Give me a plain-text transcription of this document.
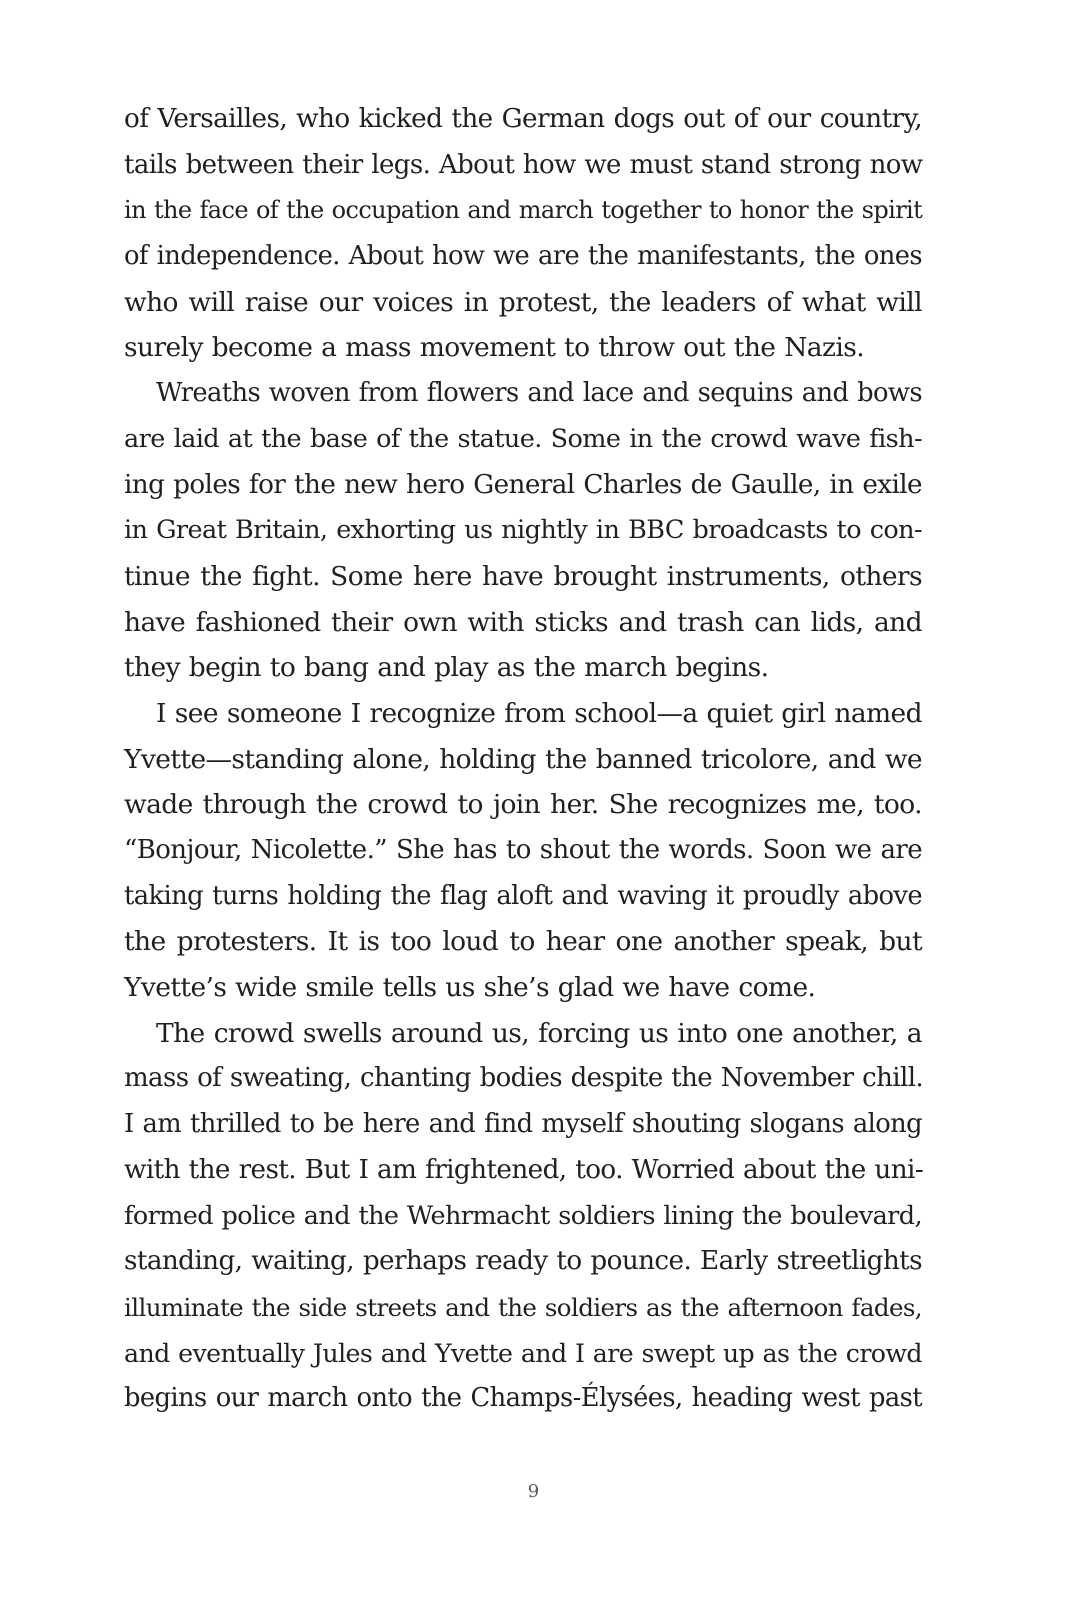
of Versailles, who kicked the German dogs out of our country,
tails between their legs. About how we must stand strong now
in the face of the occupation and march together to honor the spirit
of independence. About how we are the manifestants, the ones
who will raise our voices in protest, the leaders of what will
surely become a mass movement to throw out the Nazis.
Wreaths woven from flowers and lace and sequins and bows
are laid at the base of the statue. Some in the crowd wave fish-
ing poles for the new hero General Charles de Gaulle, in exile
in Great Britain, exhorting us nightly in BBC broadcasts to con-
tinue the fight. Some here have brought instruments, others
have fashioned their own with sticks and trash can lids, and
they begin to bang and play as the march begins.
I see someone I recognize from school—a quiet girl named
Yvette—standing alone, holding the banned tricolore, and we
wade through the crowd to join her. She recognizes me, too.
“Bonjour, Nicolette.” She has to shout the words. Soon we are
taking turns holding the flag aloft and waving it proudly above
the protesters. It is too loud to hear one another speak, but
Yvette’s wide smile tells us she’s glad we have come.
The crowd swells around us, forcing us into one another, a
mass of sweating, chanting bodies despite the November chill.
I am thrilled to be here and find myself shouting slogans along
with the rest. But I am frightened, too. Worried about the uni-
formed police and the Wehrmacht soldiers lining the boulevard,
standing, waiting, perhaps ready to pounce. Early streetlights
illuminate the side streets and the soldiers as the afternoon fades,
and eventually Jules and Yvette and I are swept up as the crowd
begins our march onto the Champs-Élysées, heading west past
9
